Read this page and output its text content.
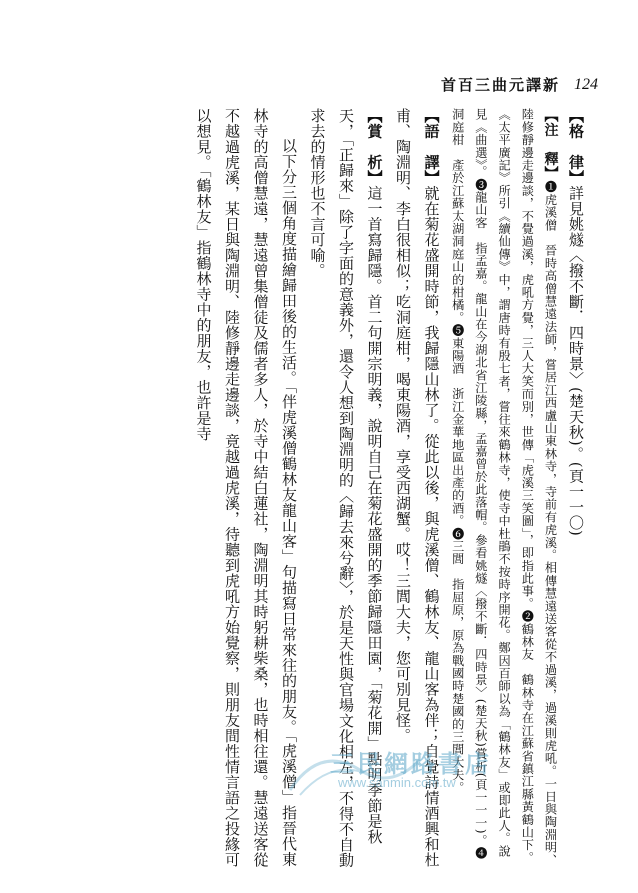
首百三曲元譯新 124

【格　律】詳見姚燧〈撥不斷．四時景〉(楚天秋)。(頁一一〇)

【注　釋】❶虎溪僧　晉時高僧慧遠法師，嘗居江西盧山東林寺，寺前有虎溪。相傳慧遠送客從不過溪，過溪則虎吼。一日與陶淵明、陸修靜邊走邊談，不覺過溪，虎吼方覺，三人大笑而別，世傳「虎溪三笑圖」，即指此事。❷鶴林友　鶴林寺在江蘇省鎮江縣黃鶴山下。《太平廣記》所引《續仙傳》中，謂唐時有殷七者，嘗往來鶴林寺，使寺中杜鵑不按時序開花。鄭因百師以為「鶴林友」或即此人。說見《曲選》。❸龍山客　指孟嘉。龍山在今湖北省江陵縣，孟嘉曾於此落帽。參看姚燧〈撥不斷．四時景〉(楚天秋)賞析(頁一一一)。❹洞庭柑　產於江蘇太湖洞庭山的柑橘。❺東陽酒　浙江金華地區出產的酒。❻三閭　指屈原，原為戰國時楚國的三閭大夫。

【語　譯】就在菊花盛開時節，我歸隱山林了。從此以後，與虎溪僧、鶴林友、龍山客為伴；自覺詩情酒興和杜甫、陶淵明、李白很相似；吃洞庭柑，喝東陽酒，享受西湖蟹。哎！三閭大夫，您可別見怪。

【賞　析】這一首寫歸隱。首二句開宗明義，說明自己在菊花盛開的季節歸隱田園，「菊花開」點明季節是秋天，「正歸來」除了字面的意義外，還令人想到陶淵明的〈歸去來兮辭〉，於是天性與官場文化相左，不得不自動求去的情形也不言可喻。

以下分三個角度描繪歸田後的生活。「伴虎溪僧鶴林友龍山客」句描寫日常來往的朋友。「虎溪僧」指晉代東林寺的高僧慧遠，慧遠曾集僧徒及儒者多人，於寺中結白蓮社，陶淵明其時躬耕柴桑，也時相往還。慧遠送客從不越過虎溪，某日與陶淵明、陸修靜邊走邊談，竟越過虎溪，待聽到虎吼方始覺察，則朋友間性情言語之投緣可以想見。「鶴林友」指鶴林寺中的朋友，也許是寺

三民網路書店
www.sanmin.com.tw
